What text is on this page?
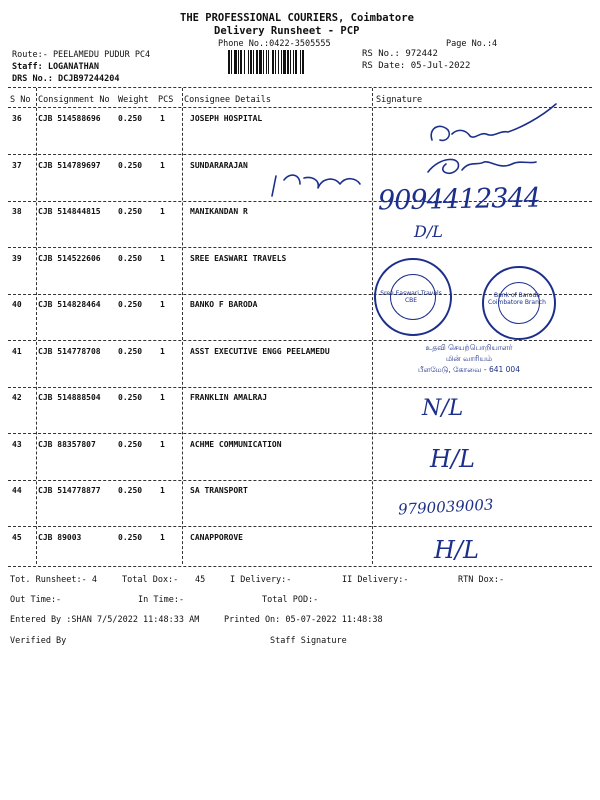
THE PROFESSIONAL COURIERS, Coimbatore
Delivery Runsheet - PCP
Phone No.:0422-3505555	Page No.:4
Route:- PEELAMEDU PUDUR PC4
Staff: LOGANATHAN
DRS No.: DCJB97244204
RS No.: 972442
RS Date: 05-Jul-2022
S No Consignment No Weight PCS Consignee Details	Signature
36 CJB 514588696 0.250 1	JOSEPH HOSPITAL
37 CJB 514789697 0.250 1	SUNDARARAJAN
38 CJB 514844815 0.250 1	MANIKANDAN R
39 CJB 514522606 0.250 1	SREE EASWARI TRAVELS
40 CJB 514828464 0.250 1	BANKO F BARODA
41 CJB 514778708 0.250 1	ASST EXECUTIVE ENGG PEELAMEDU
42 CJB 514888504 0.250 1	FRANKLIN AMALRAJ
43 CJB 88357807	0.250 1	ACHME COMMUNICATION
44 CJB 514778877 0.250 1	SA TRANSPORT
45 CJB 89003	0.250 1	CANAPPOROVE
Tot. Runsheet:- 4	Total Dox:- 45	I Delivery:-	II Delivery:-	RTN Dox:-
Out Time:-	In Time:-	Total POD:-
Entered By :SHAN 7/5/2022 11:48:33 AM	Printed On: 05-07-2022 11:48:38
Verified By	Staff Signature
9094412344
D/L
N/L
H/L
9790039003
H/L
உதவி செயற்பொறியாளர்
மின் வாரியம்
பீளமேடு, கோவை - 641 004
Sree Easwari Travels CBE
Bank of Baroda Coimbatore Branch
